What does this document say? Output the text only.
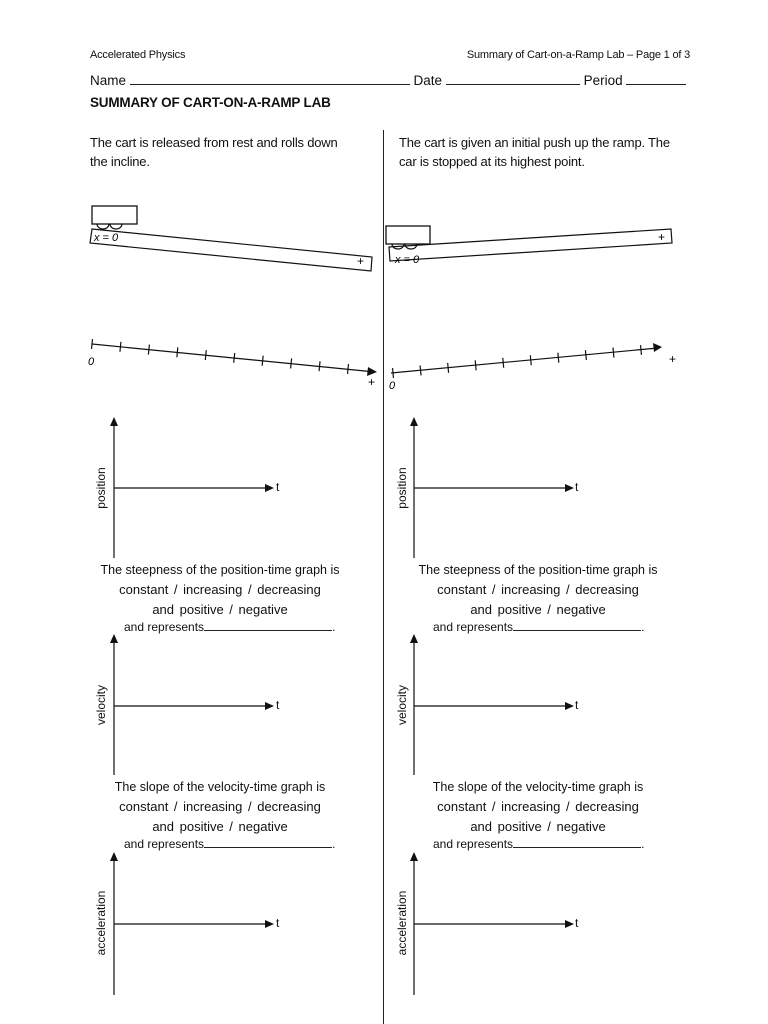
Accelerated Physics	Summary of Cart-on-a-Ramp Lab – Page 1 of 3
Name	Date	Period
SUMMARY OF CART-ON-A-RAMP LAB
The cart is released from rest and rolls down the incline.
The cart is given an initial push up the ramp. The car is stopped at its highest point.
x = 0
+
0
+
x = 0
+
0
+
position	t
The steepness of the position-time graph is
constant / increasing / decreasing
and positive / negative
and represents	.
velocity	t
The slope of the velocity-time graph is
constant / increasing / decreasing
and positive / negative
and represents	.
acceleration	t
position	t
The steepness of the position-time graph is
constant / increasing / decreasing
and positive / negative
and represents	.
velocity	t
The slope of the velocity-time graph is
constant / increasing / decreasing
and positive / negative
and represents	.
acceleration	t
